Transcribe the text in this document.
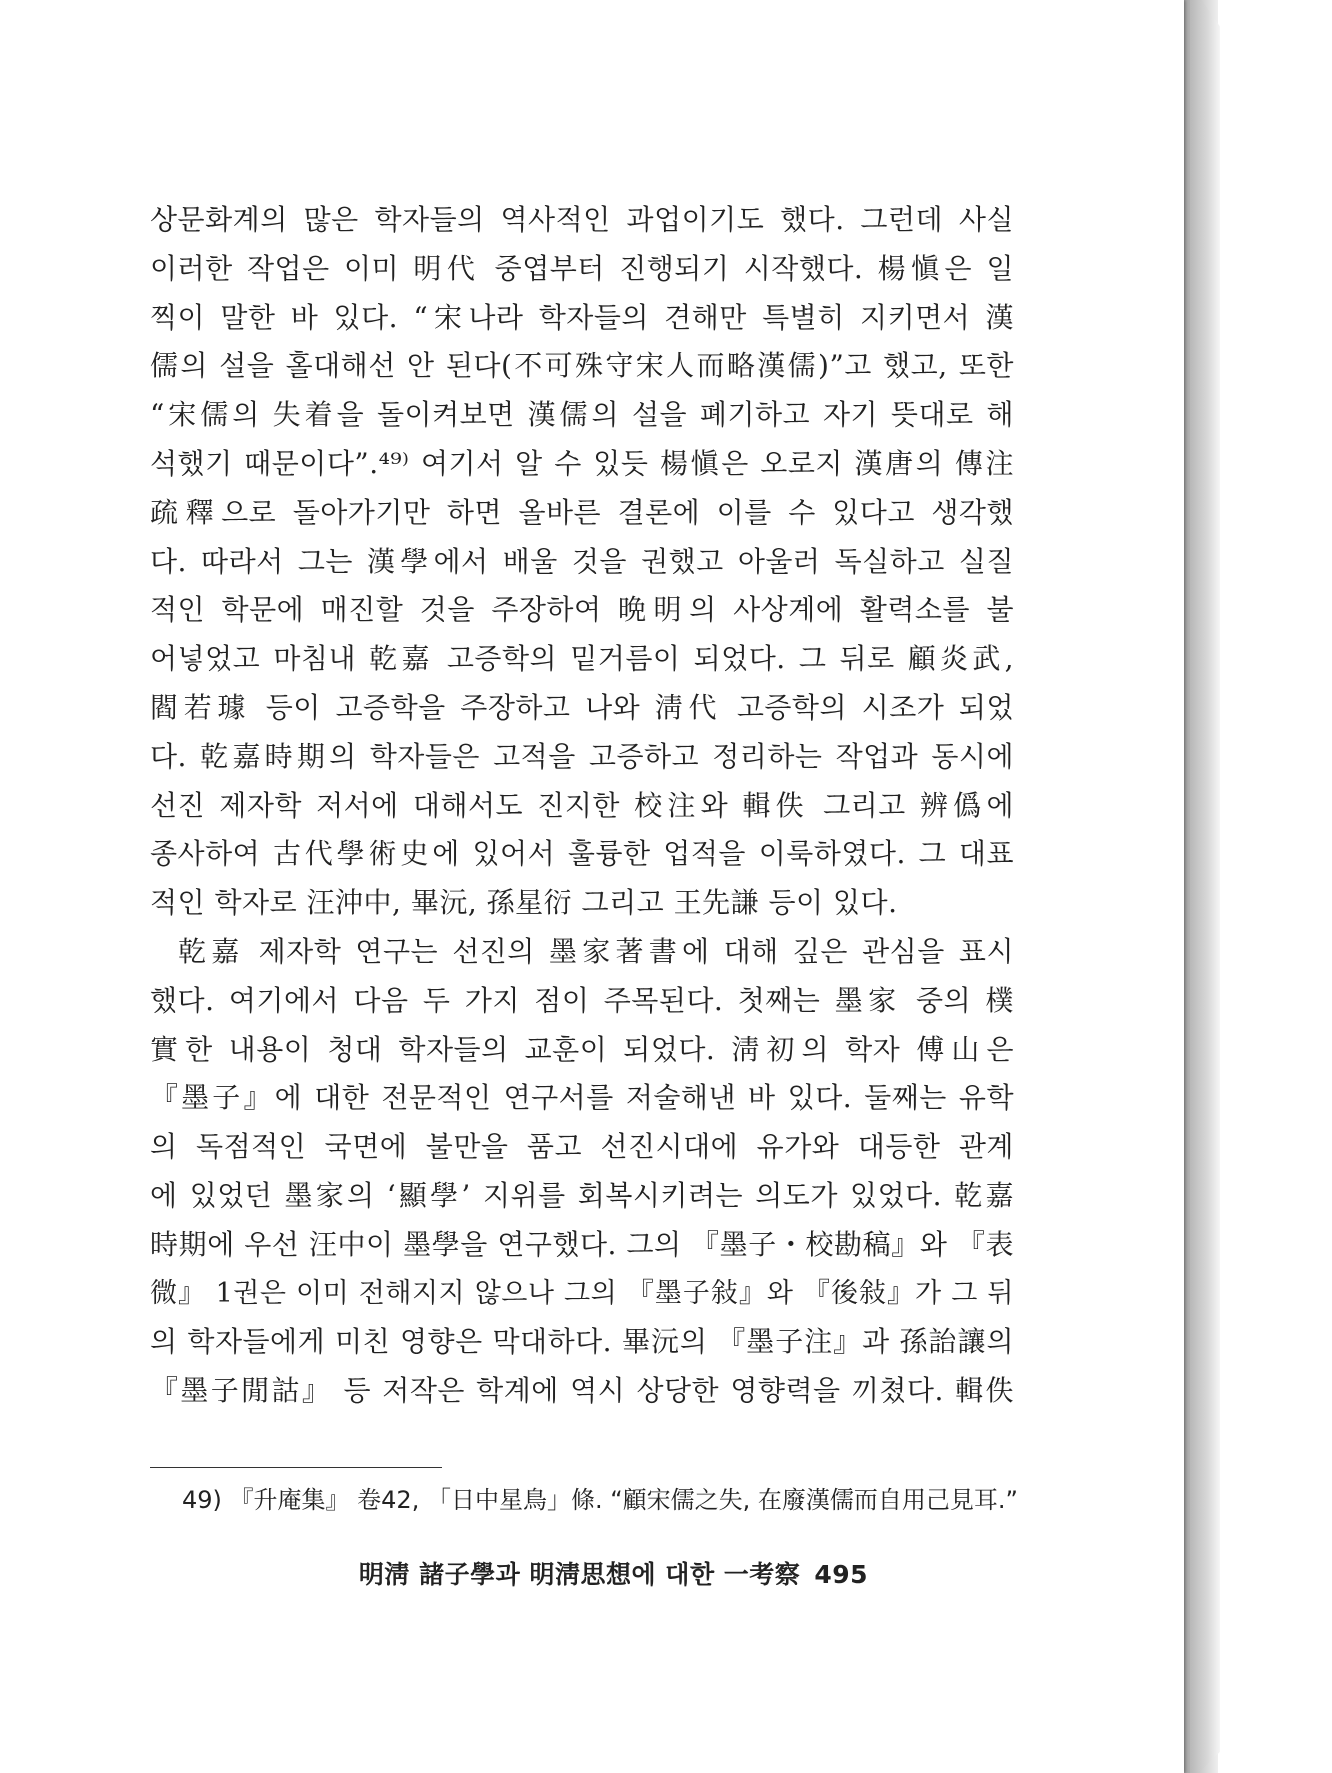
상문화계의 많은 학자들의 역사적인 과업이기도 했다. 그런데 사실
이러한 작업은 이미 明代 중엽부터 진행되기 시작했다. 楊愼은 일
찍이 말한 바 있다. “宋나라 학자들의 견해만 특별히 지키면서 漢
儒의 설을 홀대해선 안 된다(不可殊守宋人而略漢儒)”고 했고, 또한
“宋儒의 失着을 돌이켜보면 漢儒의 설을 폐기하고 자기 뜻대로 해
석했기 때문이다”.⁴⁹⁾ 여기서 알 수 있듯 楊愼은 오로지 漢唐의 傳注
疏釋으로 돌아가기만 하면 올바른 결론에 이를 수 있다고 생각했
다. 따라서 그는 漢學에서 배울 것을 권했고 아울러 독실하고 실질
적인 학문에 매진할 것을 주장하여 晩明의 사상계에 활력소를 불
어넣었고 마침내 乾嘉 고증학의 밑거름이 되었다. 그 뒤로 顧炎武,
閻若璩 등이 고증학을 주장하고 나와 淸代 고증학의 시조가 되었
다. 乾嘉時期의 학자들은 고적을 고증하고 정리하는 작업과 동시에
선진 제자학 저서에 대해서도 진지한 校注와 輯佚 그리고 辨僞에
종사하여 古代學術史에 있어서 훌륭한 업적을 이룩하였다. 그 대표
적인 학자로 汪沖中, 畢沅, 孫星衍 그리고 王先謙 등이 있다.
乾嘉 제자학 연구는 선진의 墨家著書에 대해 깊은 관심을 표시
했다. 여기에서 다음 두 가지 점이 주목된다. 첫째는 墨家 중의 樸
實한 내용이 청대 학자들의 교훈이 되었다. 淸初의 학자 傅山은
『墨子』에 대한 전문적인 연구서를 저술해낸 바 있다. 둘째는 유학
의 독점적인 국면에 불만을 품고 선진시대에 유가와 대등한 관계
에 있었던 墨家의 ‘顯學’ 지위를 회복시키려는 의도가 있었다. 乾嘉
時期에 우선 汪中이 墨學을 연구했다. 그의 『墨子・校勘稿』와 『表
微』 1권은 이미 전해지지 않으나 그의 『墨子敍』와 『後敍』가 그 뒤
의 학자들에게 미친 영향은 막대하다. 畢沅의 『墨子注』과 孫詒讓의
『墨子閒詁』 등 저작은 학계에 역시 상당한 영향력을 끼쳤다. 輯佚
49) 『升庵集』 卷42, 「日中星鳥」條. “顧宋儒之失, 在廢漢儒而自用己見耳.”
明淸 諸子學과 明淸思想에 대한 一考察 495
